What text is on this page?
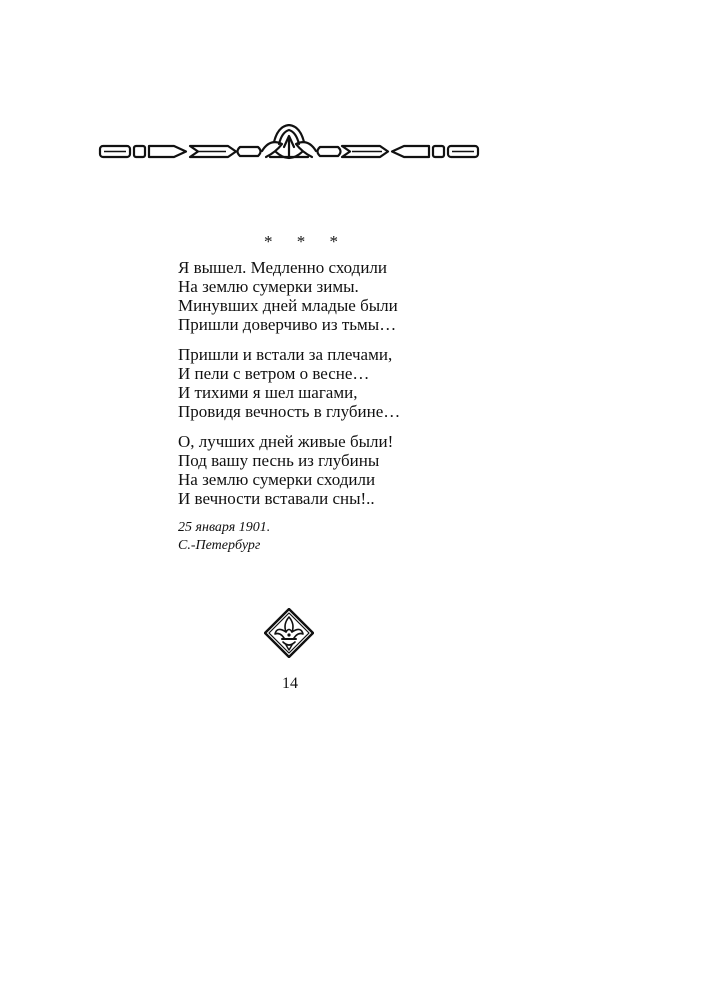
* * *
Я вышел. Медленно сходили
На землю сумерки зимы.
Минувших дней младые были
Пришли доверчиво из тьмы…
Пришли и встали за плечами,
И пели с ветром о весне…
И тихими я шел шагами,
Провидя вечность в глубине…
О, лучших дней живые были!
Под вашу песнь из глубины
На землю сумерки сходили
И вечности вставали сны!..
25 января 1901.
С.-Петербург
14
